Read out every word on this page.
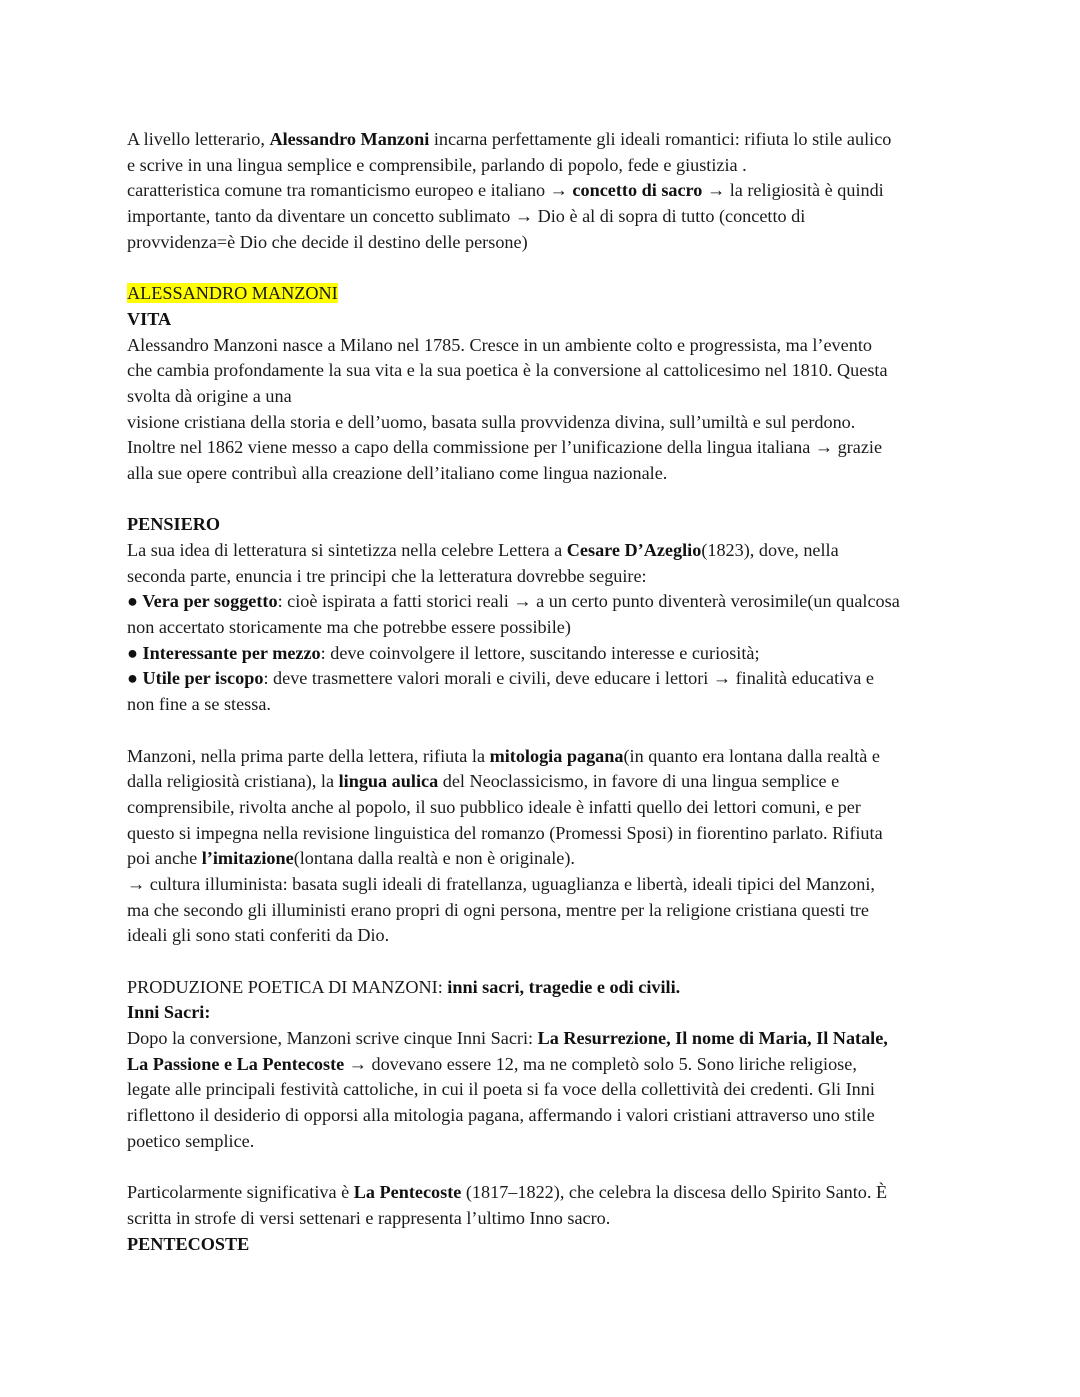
A livello letterario, Alessandro Manzoni incarna perfettamente gli ideali romantici: rifiuta lo stile aulico
e scrive in una lingua semplice e comprensibile, parlando di popolo, fede e giustizia .
caratteristica comune tra romanticismo europeo e italiano → concetto di sacro → la religiosità è quindi
importante, tanto da diventare un concetto sublimato → Dio è al di sopra di tutto (concetto di
provvidenza=è Dio che decide il destino delle persone)
ALESSANDRO MANZONI
VITA
Alessandro Manzoni nasce a Milano nel 1785. Cresce in un ambiente colto e progressista, ma l’evento
che cambia profondamente la sua vita e la sua poetica è la conversione al cattolicesimo nel 1810. Questa
svolta dà origine a una
visione cristiana della storia e dell’uomo, basata sulla provvidenza divina, sull’umiltà e sul perdono.
Inoltre nel 1862 viene messo a capo della commissione per l’unificazione della lingua italiana → grazie
alla sue opere contribuì alla creazione dell’italiano come lingua nazionale.
PENSIERO
La sua idea di letteratura si sintetizza nella celebre Lettera a Cesare D’Azeglio(1823), dove, nella
seconda parte, enuncia i tre principi che la letteratura dovrebbe seguire:
● Vera per soggetto: cioè ispirata a fatti storici reali → a un certo punto diventerà verosimile(un qualcosa
non accertato storicamente ma che potrebbe essere possibile)
● Interessante per mezzo: deve coinvolgere il lettore, suscitando interesse e curiosità;
● Utile per iscopo: deve trasmettere valori morali e civili, deve educare i lettori → finalità educativa e
non fine a se stessa.
Manzoni, nella prima parte della lettera, rifiuta la mitologia pagana(in quanto era lontana dalla realtà e
dalla religiosità cristiana), la lingua aulica del Neoclassicismo, in favore di una lingua semplice e
comprensibile, rivolta anche al popolo, il suo pubblico ideale è infatti quello dei lettori comuni, e per
questo si impegna nella revisione linguistica del romanzo (Promessi Sposi) in fiorentino parlato. Rifiuta
poi anche l’imitazione(lontana dalla realtà e non è originale).
→ cultura illuminista: basata sugli ideali di fratellanza, uguaglianza e libertà, ideali tipici del Manzoni,
ma che secondo gli illuministi erano propri di ogni persona, mentre per la religione cristiana questi tre
ideali gli sono stati conferiti da Dio.
PRODUZIONE POETICA DI MANZONI: inni sacri, tragedie e odi civili.
Inni Sacri:
Dopo la conversione, Manzoni scrive cinque Inni Sacri: La Resurrezione, Il nome di Maria, Il Natale,
La Passione e La Pentecoste → dovevano essere 12, ma ne completò solo 5. Sono liriche religiose,
legate alle principali festività cattoliche, in cui il poeta si fa voce della collettività dei credenti. Gli Inni
riflettono il desiderio di opporsi alla mitologia pagana, affermando i valori cristiani attraverso uno stile
poetico semplice.
Particolarmente significativa è La Pentecoste (1817–1822), che celebra la discesa dello Spirito Santo. È
scritta in strofe di versi settenari e rappresenta l’ultimo Inno sacro.
PENTECOSTE
